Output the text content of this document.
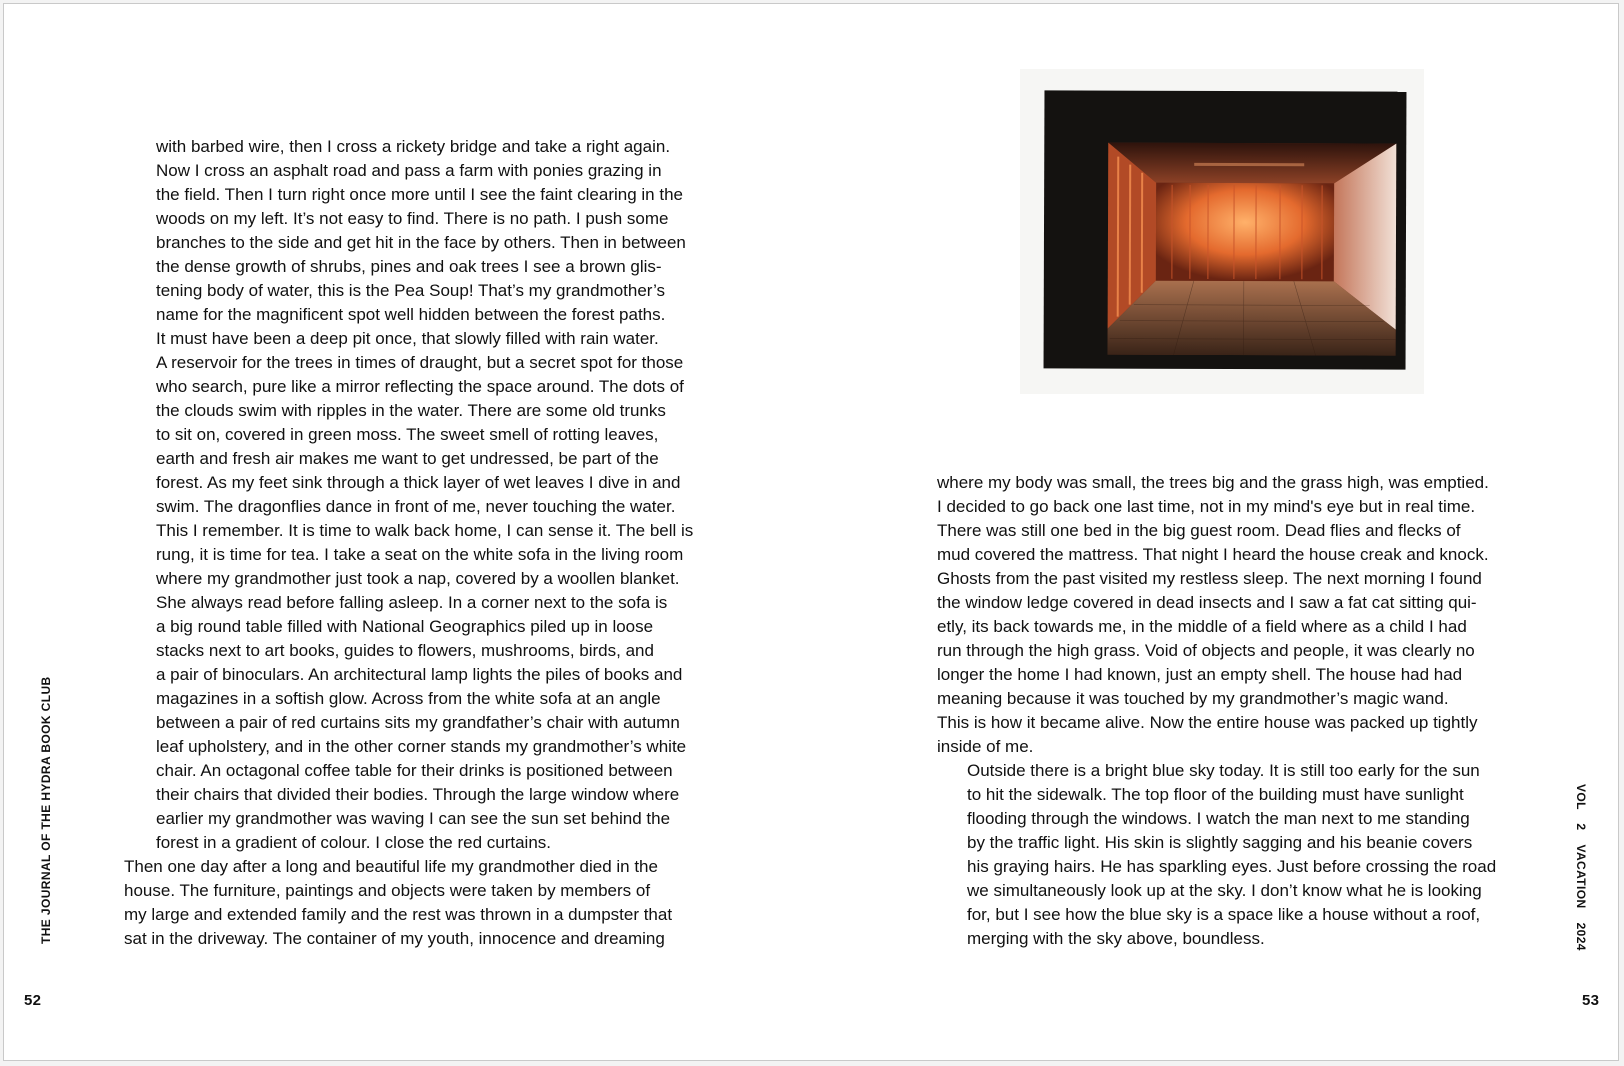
with barbed wire, then I cross a rickety bridge and take a right again.
Now I cross an asphalt road and pass a farm with ponies grazing in
the field. Then I turn right once more until I see the faint clearing in the
woods on my left. It’s not easy to find. There is no path. I push some
branches to the side and get hit in the face by others. Then in between
the dense growth of shrubs, pines and oak trees I see a brown glis-
tening body of water, this is the Pea Soup! That’s my grandmother’s
name for the magnificent spot well hidden between the forest paths.
It must have been a deep pit once, that slowly filled with rain water.
A reservoir for the trees in times of draught, but a secret spot for those
who search, pure like a mirror reflecting the space around. The dots of
the clouds swim with ripples in the water. There are some old trunks
to sit on, covered in green moss. The sweet smell of rotting leaves,
earth and fresh air makes me want to get undressed, be part of the
forest. As my feet sink through a thick layer of wet leaves I dive in and
swim. The dragonflies dance in front of me, never touching the water.
This I remember. It is time to walk back home, I can sense it. The bell is
rung, it is time for tea. I take a seat on the white sofa in the living room
where my grandmother just took a nap, covered by a woollen blanket.
She always read before falling asleep. In a corner next to the sofa is
a big round table filled with National Geographics piled up in loose
stacks next to art books, guides to flowers, mushrooms, birds, and
a pair of binoculars. An architectural lamp lights the piles of books and
magazines in a softish glow. Across from the white sofa at an angle
between a pair of red curtains sits my grandfather’s chair with autumn
leaf upholstery, and in the other corner stands my grandmother’s white
chair. An octagonal coffee table for their drinks is positioned between
their chairs that divided their bodies. Through the large window where
earlier my grandmother was waving I can see the sun set behind the
forest in a gradient of colour. I close the red curtains.

Then one day after a long and beautiful life my grandmother died in the
house. The furniture, paintings and objects were taken by members of
my large and extended family and the rest was thrown in a dumpster that
sat in the driveway. The container of my youth, innocence and dreaming

THE JOURNAL OF THE HYDRA BOOK CLUB
52

where my body was small, the trees big and the grass high, was emptied.
I decided to go back one last time, not in my mind's eye but in real time.
There was still one bed in the big guest room. Dead flies and flecks of
mud covered the mattress. That night I heard the house creak and knock.
Ghosts from the past visited my restless sleep. The next morning I found
the window ledge covered in dead insects and I saw a fat cat sitting qui-
etly, its back towards me, in the middle of a field where as a child I had
run through the high grass. Void of objects and people, it was clearly no
longer the home I had known, just an empty shell. The house had had
meaning because it was touched by my grandmother’s magic wand.
This is how it became alive. Now the entire house was packed up tightly
inside of me.

Outside there is a bright blue sky today. It is still too early for the sun
to hit the sidewalk. The top floor of the building must have sunlight
flooding through the windows. I watch the man next to me standing
by the traffic light. His skin is slightly sagging and his beanie covers
his graying hairs. He has sparkling eyes. Just before crossing the road
we simultaneously look up at the sky. I don’t know what he is looking
for, but I see how the blue sky is a space like a house without a roof,
merging with the sky above, boundless.

VOL 2VACATION2024
53
